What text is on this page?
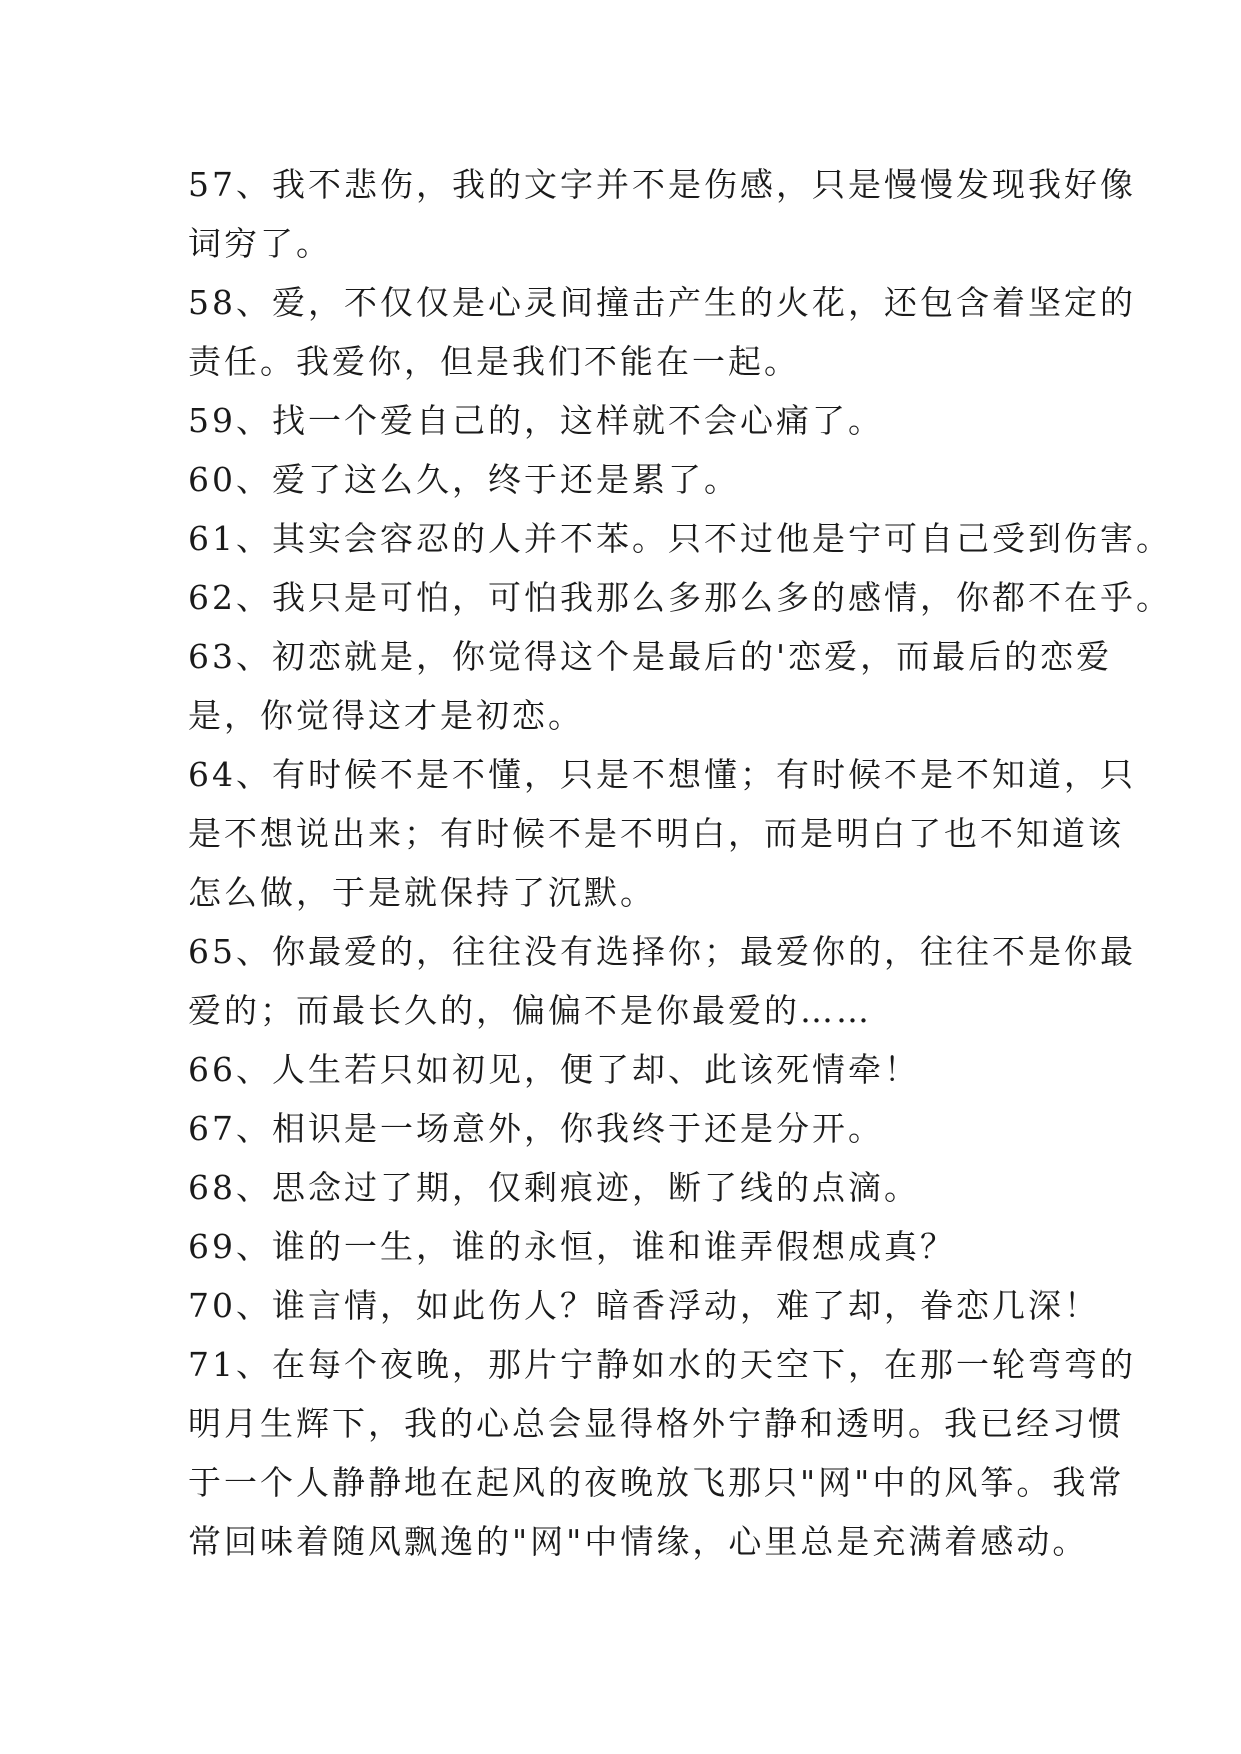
57、我不悲伤，我的文字并不是伤感，只是慢慢发现我好像
词穷了。
58、爱，不仅仅是心灵间撞击产生的火花，还包含着坚定的
责任。我爱你，但是我们不能在一起。
59、找一个爱自己的，这样就不会心痛了。
60、爱了这么久，终于还是累了。
61、其实会容忍的人并不苯。只不过他是宁可自己受到伤害。
62、我只是可怕，可怕我那么多那么多的感情，你都不在乎。
63、初恋就是，你觉得这个是最后的'恋爱，而最后的恋爱
是，你觉得这才是初恋。
64、有时候不是不懂，只是不想懂；有时候不是不知道，只
是不想说出来；有时候不是不明白，而是明白了也不知道该
怎么做，于是就保持了沉默。
65、你最爱的，往往没有选择你；最爱你的，往往不是你最
爱的；而最长久的，偏偏不是你最爱的……
66、人生若只如初见，便了却、此该死情牵！
67、相识是一场意外，你我终于还是分开。
68、思念过了期，仅剩痕迹，断了线的点滴。
69、谁的一生，谁的永恒，谁和谁弄假想成真？
70、谁言情，如此伤人？暗香浮动，难了却，眷恋几深！
71、在每个夜晚，那片宁静如水的天空下，在那一轮弯弯的
明月生辉下，我的心总会显得格外宁静和透明。我已经习惯
于一个人静静地在起风的夜晚放飞那只"网"中的风筝。我常
常回味着随风飘逸的"网"中情缘，心里总是充满着感动。
